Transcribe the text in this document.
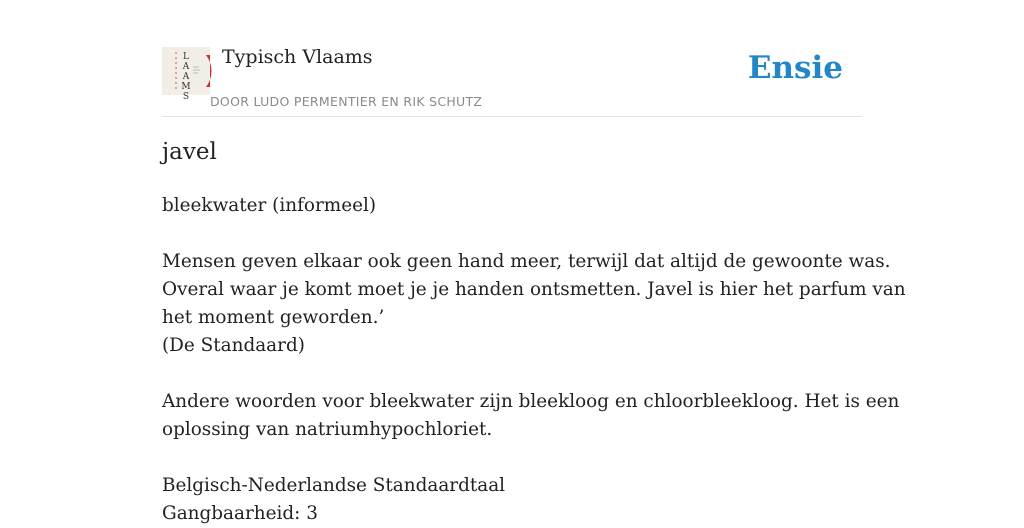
L
A
A
M
S
Typisch Vlaams
DOOR LUDO PERMENTIER EN RIK SCHUTZ
Ensie
javel
bleekwater (informeel)
Mensen geven elkaar ook geen hand meer, terwijl dat altijd de gewoonte was.
Overal waar je komt moet je je handen ontsmetten. Javel is hier het parfum van
het moment geworden.’
(De Standaard)
Andere woorden voor bleekwater zijn bleekloog en chloorbleekloog. Het is een
oplossing van natriumhypochloriet.
Belgisch-Nederlandse Standaardtaal
Gangbaarheid: 3
